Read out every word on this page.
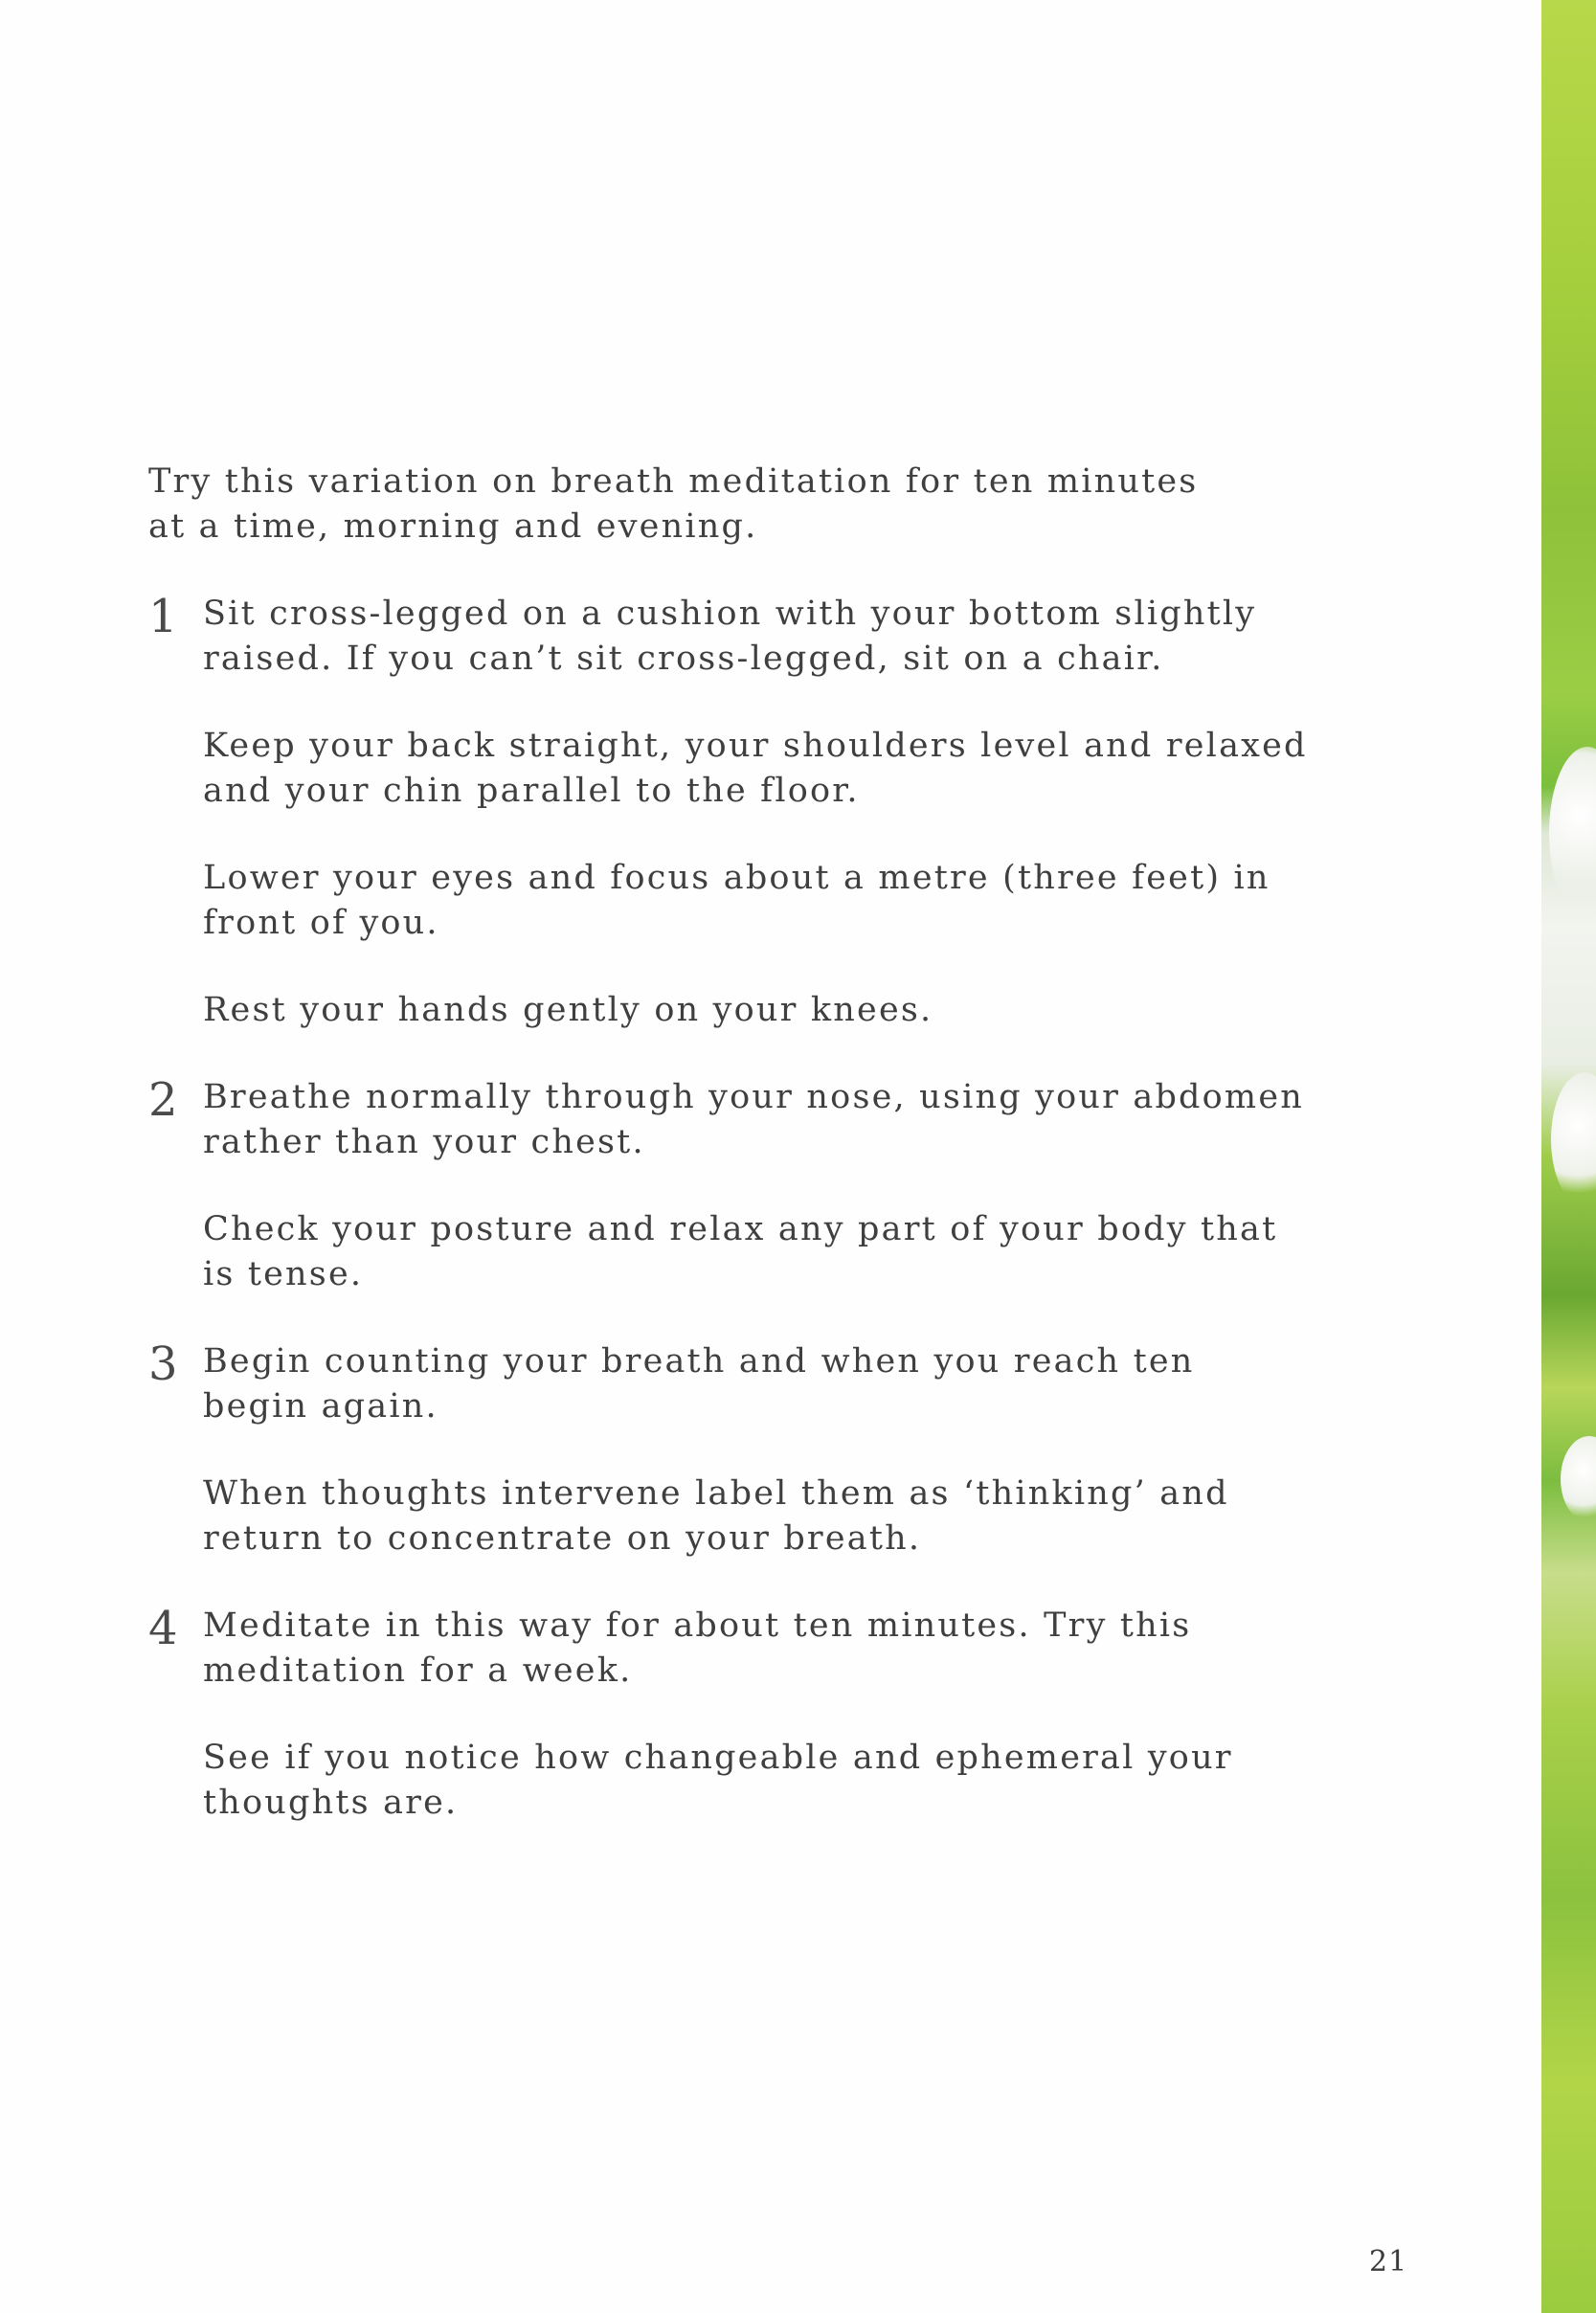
Try this variation on breath meditation for ten minutes
at a time, morning and evening.

1 Sit cross-legged on a cushion with your bottom slightly
raised. If you can’t sit cross-legged, sit on a chair.

Keep your back straight, your shoulders level and relaxed
and your chin parallel to the floor.

Lower your eyes and focus about a metre (three feet) in
front of you.

Rest your hands gently on your knees.

2 Breathe normally through your nose, using your abdomen
rather than your chest.

Check your posture and relax any part of your body that
is tense.

3 Begin counting your breath and when you reach ten
begin again.

When thoughts intervene label them as ‘thinking’ and
return to concentrate on your breath.

4 Meditate in this way for about ten minutes. Try this
meditation for a week.

See if you notice how changeable and ephemeral your
thoughts are.

21
